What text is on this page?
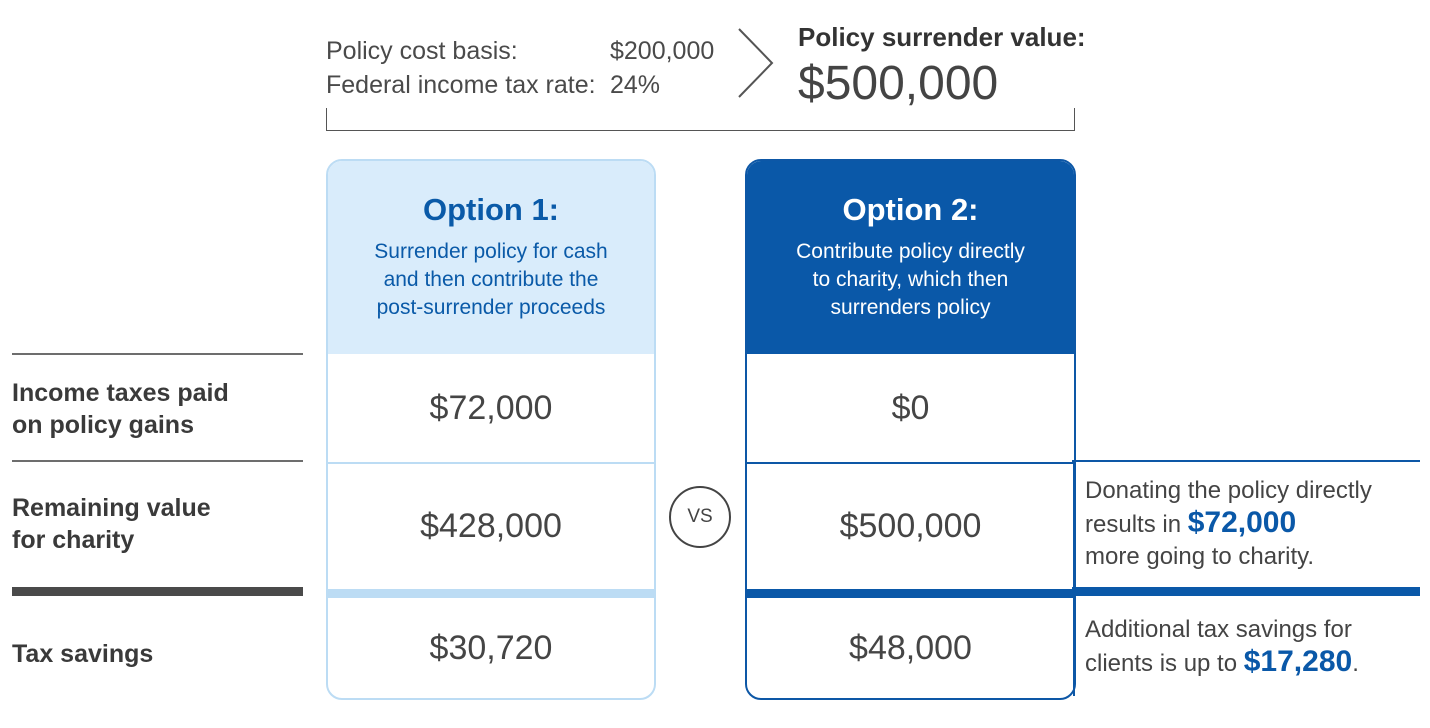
Policy cost basis:	$200,000
Federal income tax rate: 24%
Policy surrender value:
$500,000
Income taxes paid
on policy gains
Remaining value
for charity
Tax savings
Option 1:
Surrender policy for cash
and then contribute the
post-surrender proceeds
$72,000
$428,000
$30,720
VS
Option 2:
Contribute policy directly
to charity, which then
surrenders policy
$0
$500,000
$48,000
Donating the policy directly
results in $72,000
more going to charity.
Additional tax savings for
clients is up to $17,280.
